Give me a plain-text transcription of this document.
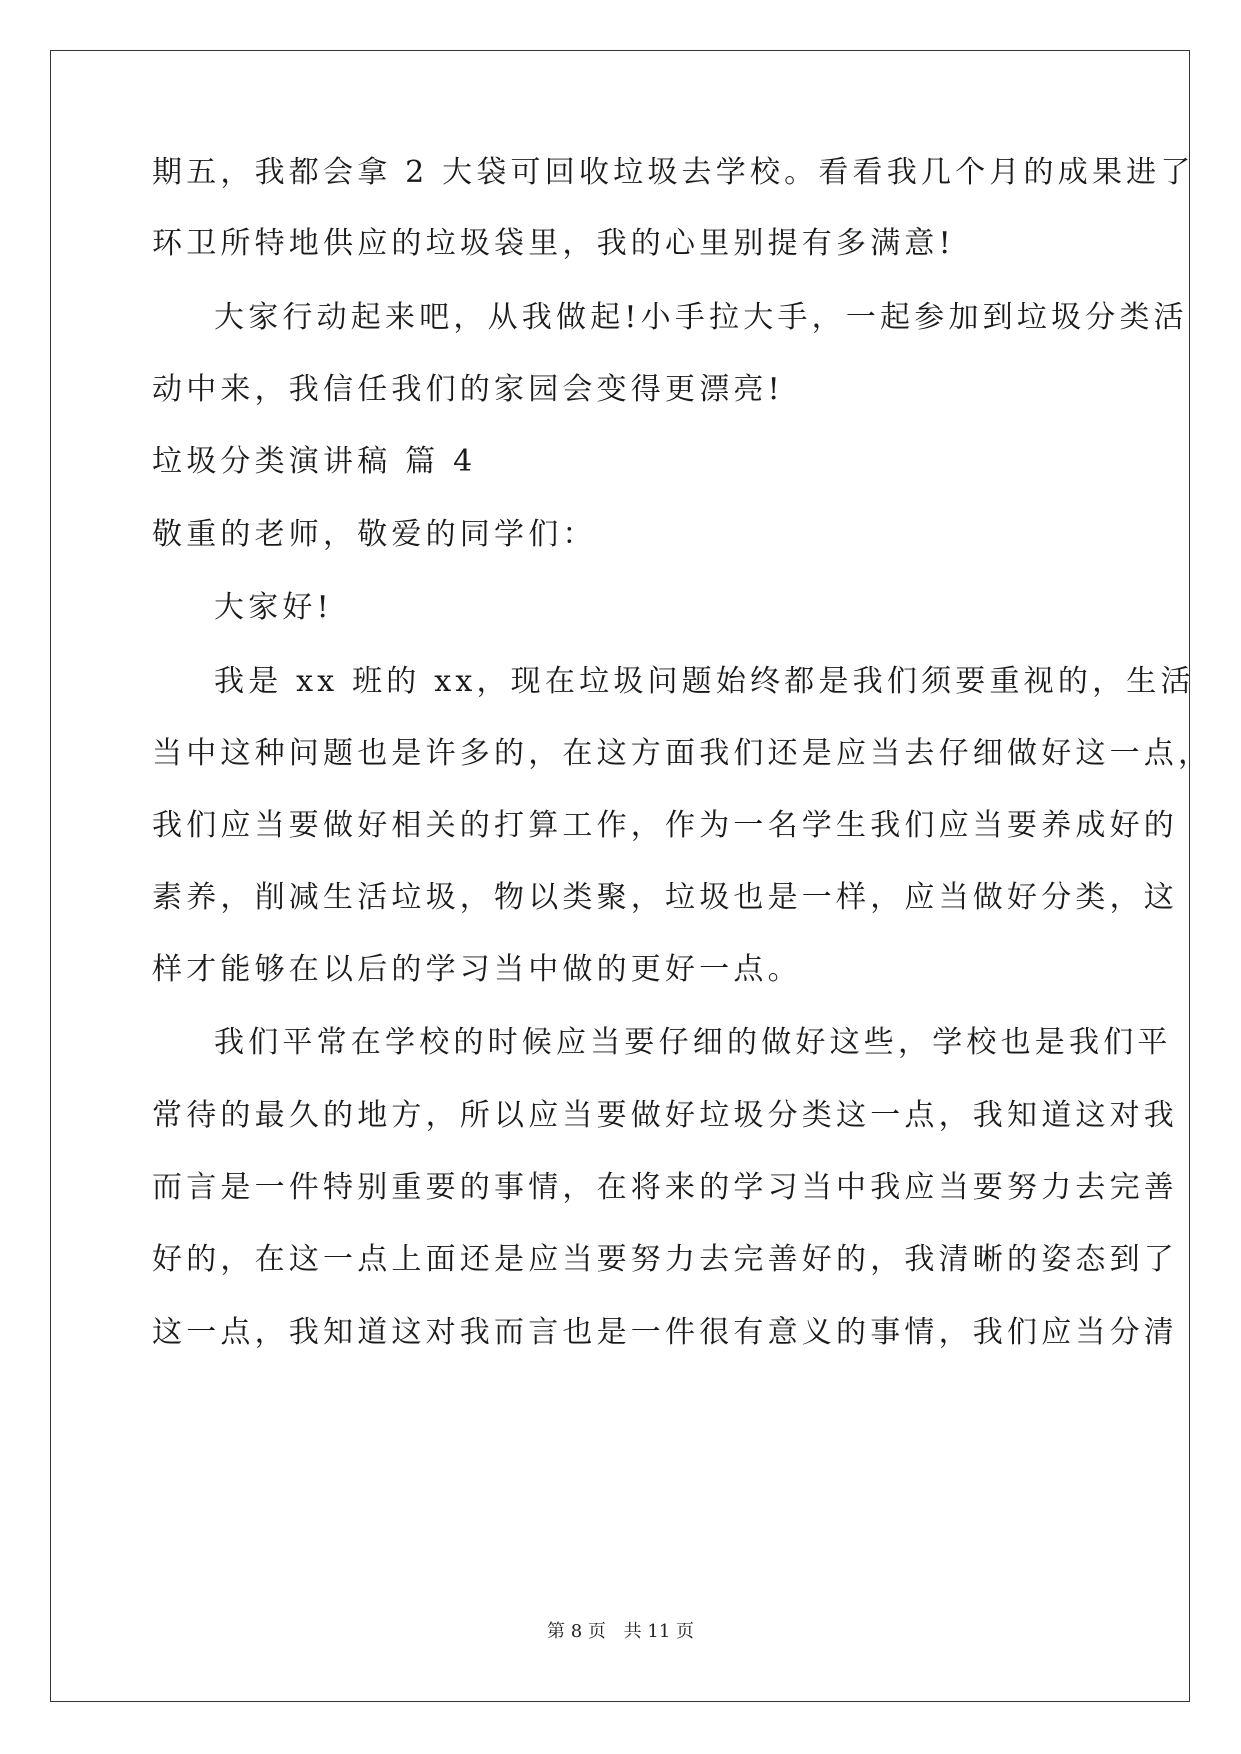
期五，我都会拿 2 大袋可回收垃圾去学校。看看我几个月的成果进了
环卫所特地供应的垃圾袋里，我的心里别提有多满意!
大家行动起来吧，从我做起!小手拉大手，一起参加到垃圾分类活
动中来，我信任我们的家园会变得更漂亮!
垃圾分类演讲稿 篇 4
敬重的老师，敬爱的同学们：
大家好!
我是 xx 班的 xx，现在垃圾问题始终都是我们须要重视的，生活
当中这种问题也是许多的，在这方面我们还是应当去仔细做好这一点，
我们应当要做好相关的打算工作，作为一名学生我们应当要养成好的
素养，削减生活垃圾，物以类聚，垃圾也是一样，应当做好分类，这
样才能够在以后的学习当中做的更好一点。
我们平常在学校的时候应当要仔细的做好这些，学校也是我们平
常待的最久的地方，所以应当要做好垃圾分类这一点，我知道这对我
而言是一件特别重要的事情，在将来的学习当中我应当要努力去完善
好的，在这一点上面还是应当要努力去完善好的，我清晰的姿态到了
这一点，我知道这对我而言也是一件很有意义的事情，我们应当分清
第 8 页 共 11 页
